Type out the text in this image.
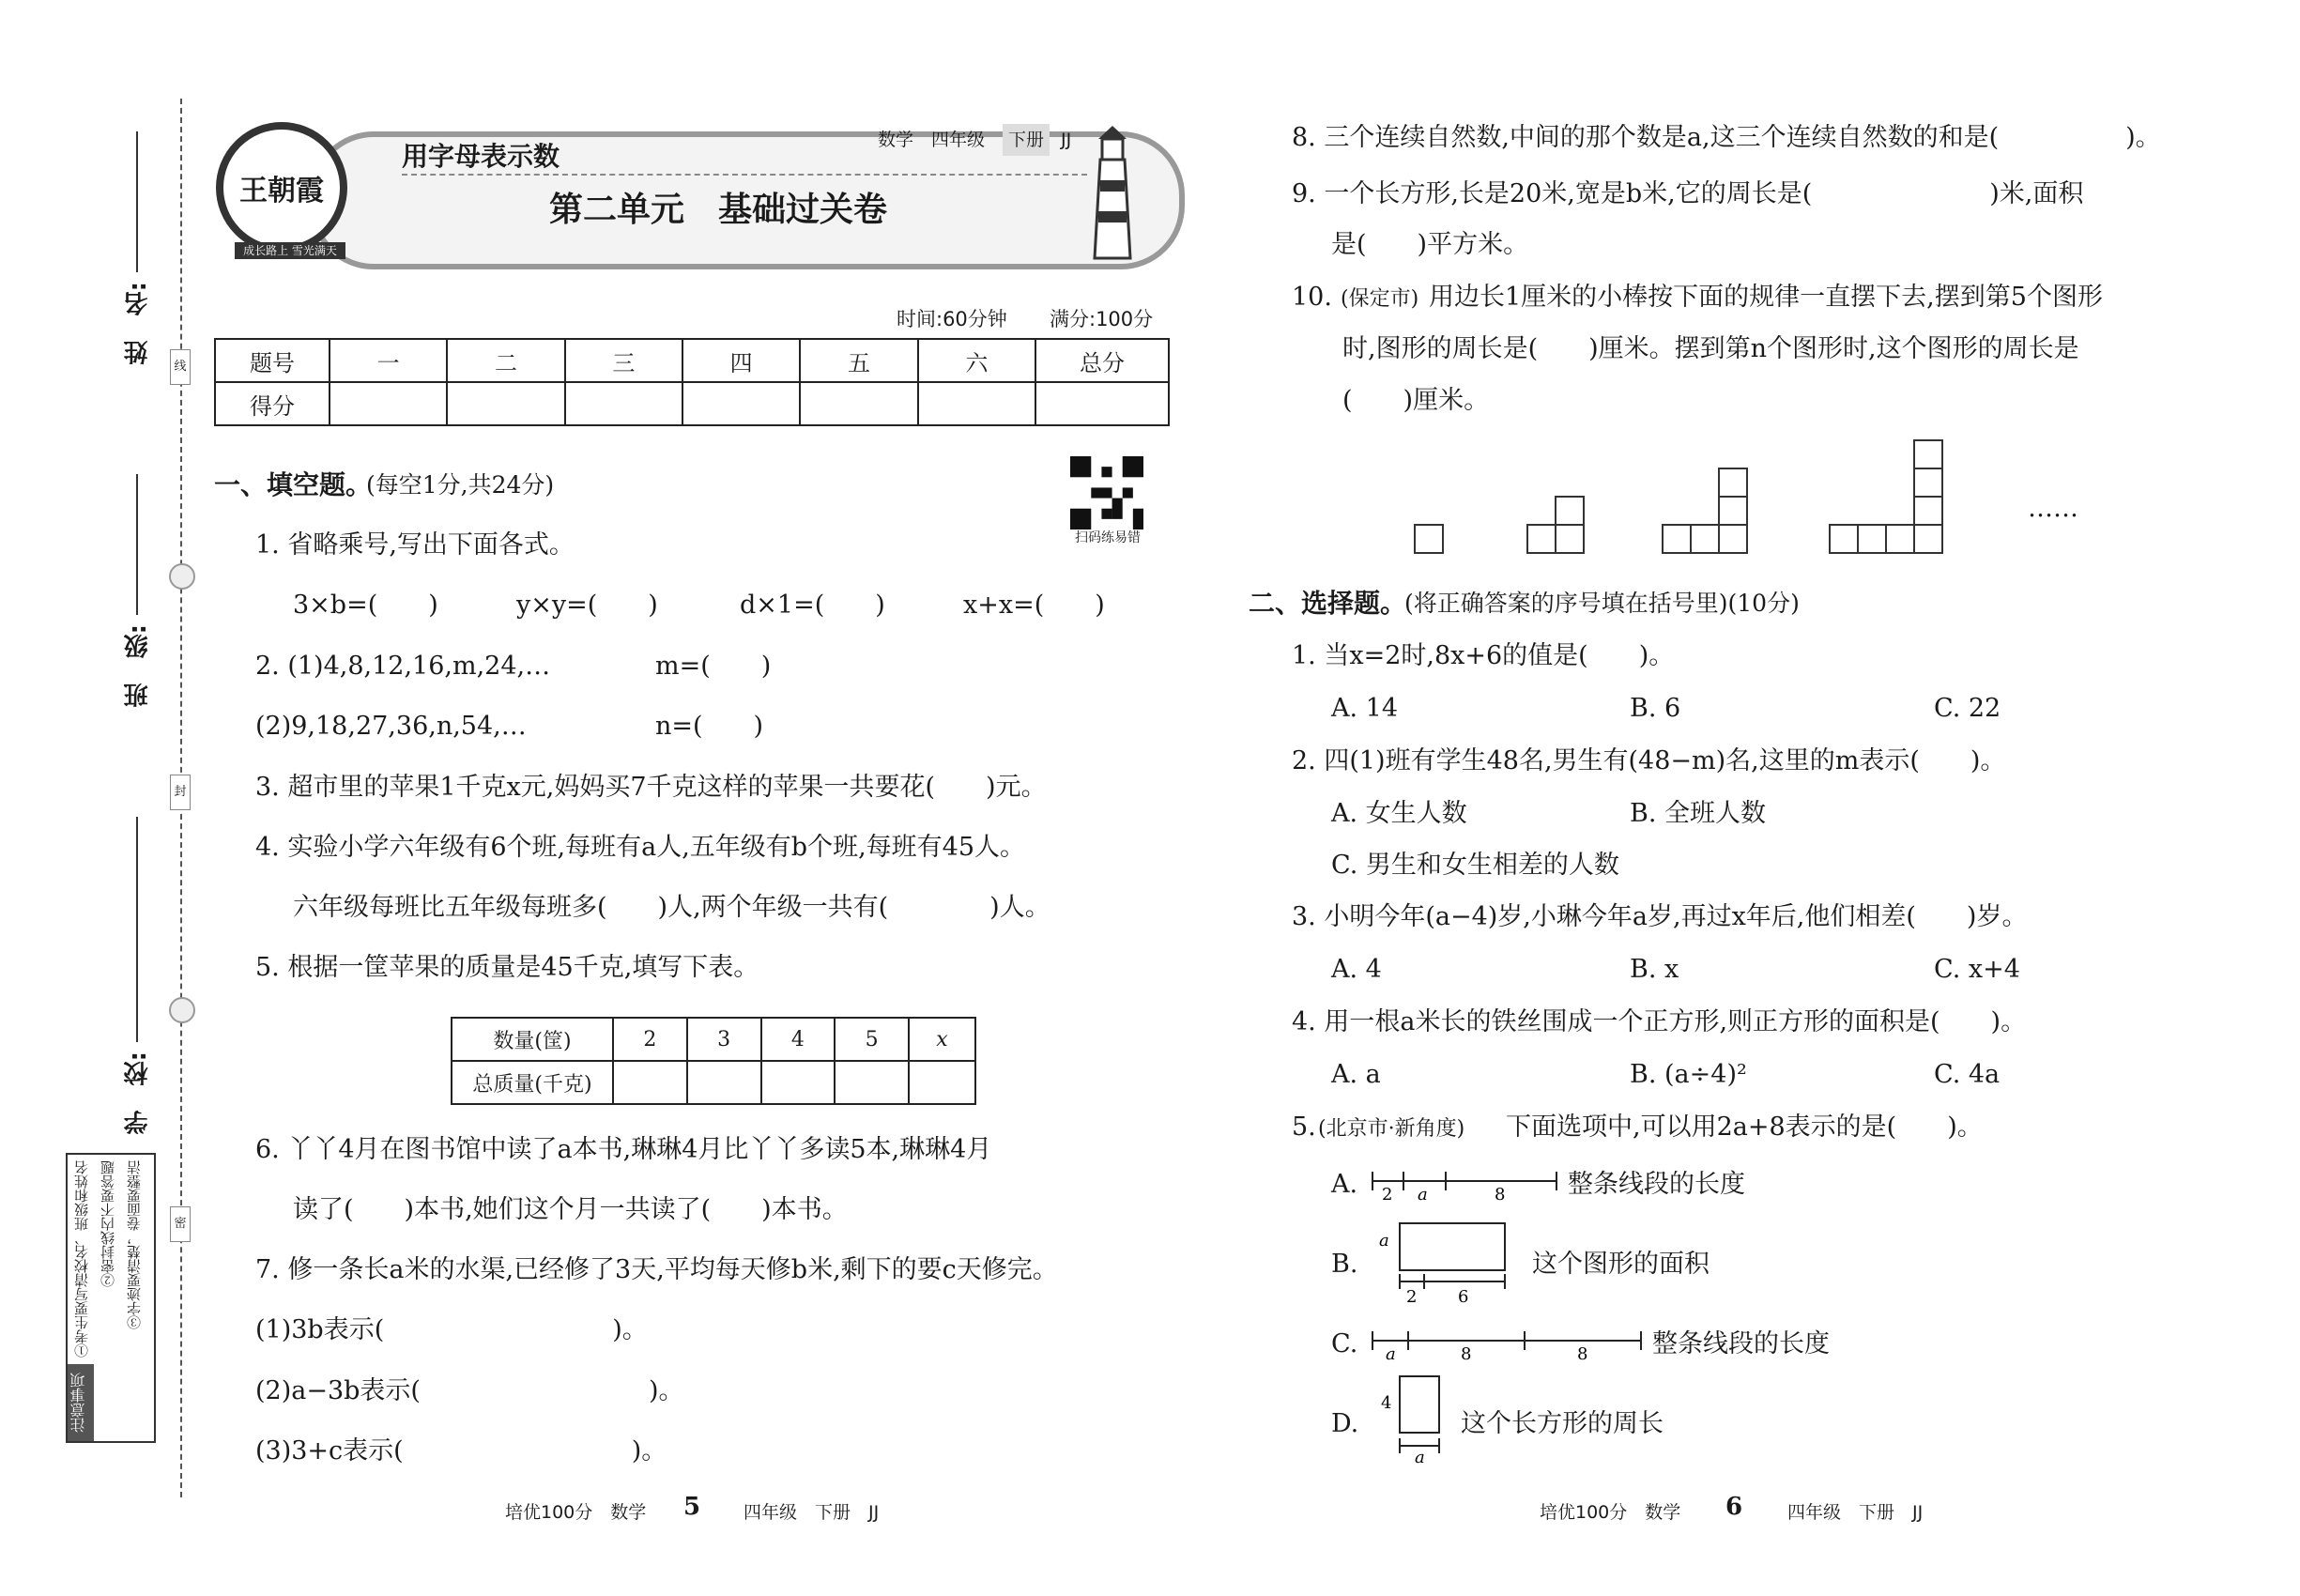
线
封
密
姓　名:
班　级:
学　校:
注意事项
①考生要写清校名、班级和姓名 ②密封线内不要答题 ③字迹要清楚，卷面要整洁
王朝霞
成长路上 雪光满天
用字母表示数
数学 四年级	下册 JJ
第二单元　基础过关卷
时间:60分钟 满分:100分
题号	一	二	三	四	五	六	总分
得分							
扫码练易错
一、填空题。
(每空1分,共24分)
1. 省略乘号,写出下面各式。
3×b=(　　)	y×y=(　　)	d×1=(　　)	x+x=(　　)
2. (1)4,8,12,16,m,24,…	m=(　　)
(2)9,18,27,36,n,54,…	n=(　　)
3. 超市里的苹果1千克x元,妈妈买7千克这样的苹果一共要花(　　)元。
4. 实验小学六年级有6个班,每班有a人,五年级有b个班,每班有45人。
六年级每班比五年级每班多(　　)人,两个年级一共有(　　　　)人。
5. 根据一筐苹果的质量是45千克,填写下表。
数量(筐)	2	3	4	5	x
总质量(千克)					
6. 丫丫4月在图书馆中读了a本书,琳琳4月比丫丫多读5本,琳琳4月
读了(　　)本书,她们这个月一共读了(　　)本书。
7. 修一条长a米的水渠,已经修了3天,平均每天修b米,剩下的要c天修完。
(1)3b表示(　　　　　　　　　)。
(2)a−3b表示(　　　　　　　　　)。
(3)3+c表示(　　　　　　　　　)。
培优100分　数学 5 四年级　下册　JJ
8. 三个连续自然数,中间的那个数是a,这三个连续自然数的和是(　　　　　)。
9. 一个长方形,长是20米,宽是b米,它的周长是(　　　　　　　)米,面积
是(　　)平方米。
10. (保定市) 用边长1厘米的小棒按下面的规律一直摆下去,摆到第5个图形
时,图形的周长是(　　)厘米。摆到第n个图形时,这个图形的周长是
(　　)厘米。
……
二、选择题。
(将正确答案的序号填在括号里)(10分)
1. 当x=2时,8x+6的值是(　　)。
A. 14	B. 6	C. 22
2. 四(1)班有学生48名,男生有(48−m)名,这里的m表示(　　)。
A. 女生人数	B. 全班人数
C. 男生和女生相差的人数
3. 小明今年(a−4)岁,小琳今年a岁,再过x年后,他们相差(　　)岁。
A. 4	B. x	C. x+4
4. 用一根a米长的铁丝围成一个正方形,则正方形的面积是(　　)。
A. a	B. (a÷4)²	C. 4a
5. (北京市·新角度) 下面选项中,可以用2a+8表示的是(　　)。
A. 2 a	8 整条线段的长度
B.
a
2 6
这个图形的面积
C. a	8	8	整条线段的长度
D.
4
a
这个长方形的周长
培优100分　数学 6	四年级　下册　JJ
